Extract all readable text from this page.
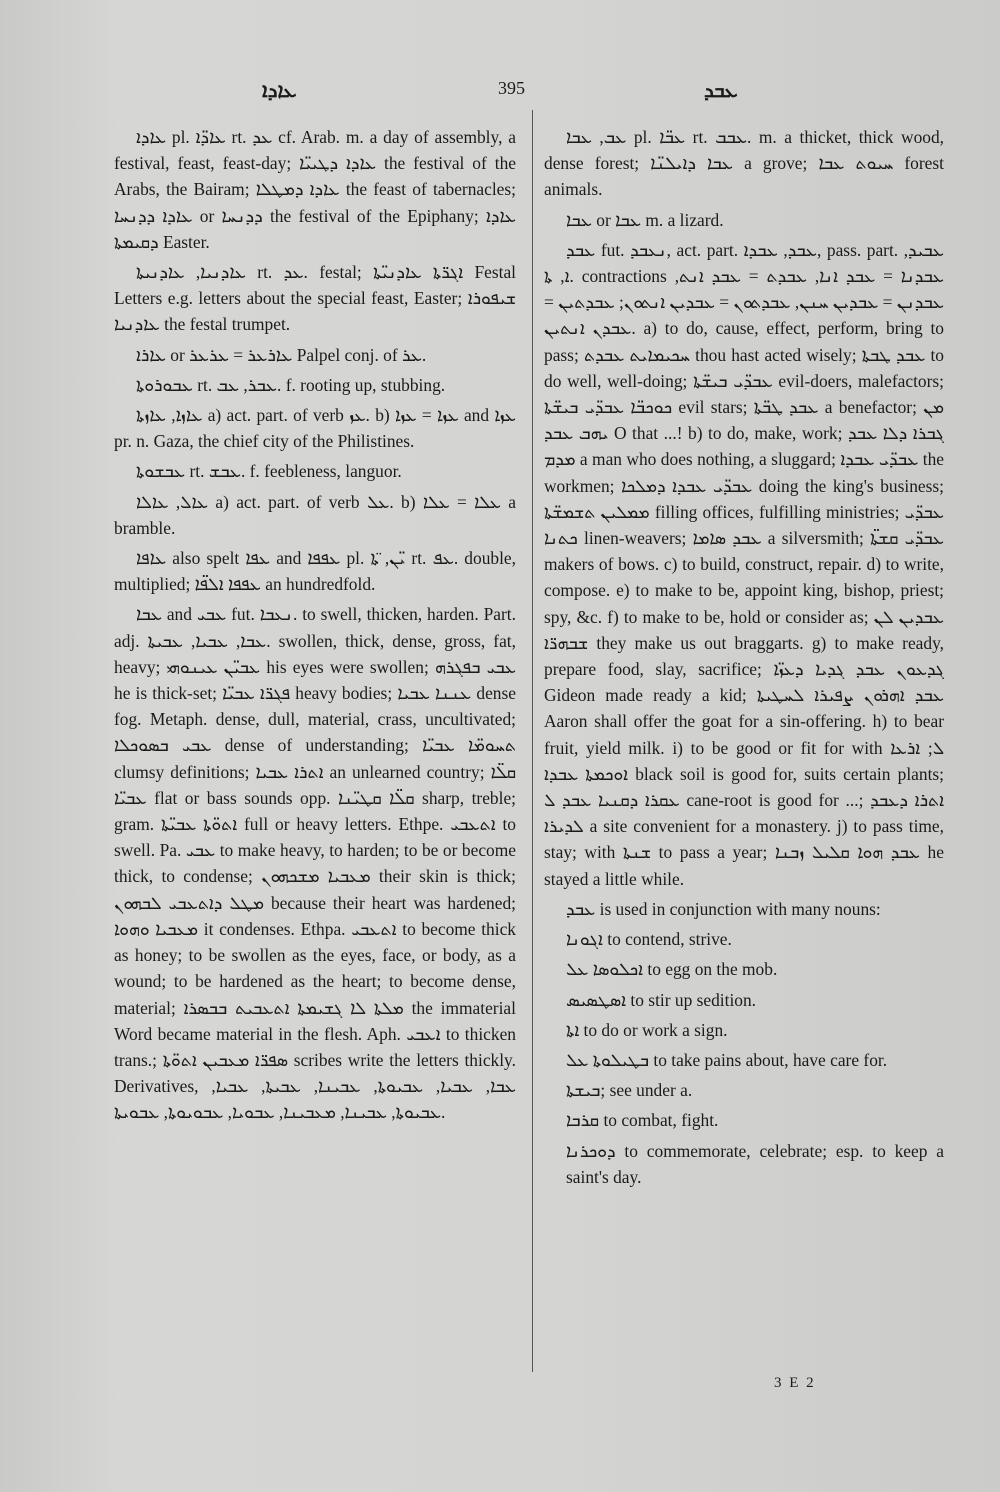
ܥܐܕܐ	395	ܥܒܕ

ܥܐܕܐ pl. ܥܐܕ̈ܐ rt. ܥܕ cf. Arab. m. a day of assembly, a festival, feast, feast-day; ܥܐܕܐ ܕܛܝܝ̈ܐ the festival of the Arabs, the Bairam; ܥܐܕܐ ܕܡܛܠܐ the feast of tabernacles; ܥܐܕܐ ܕܕܢܚܐ or ܕܕܢܚܐ the festival of the Epiphany; ܥܐܕܐ ܕܩܝܡܬܐ Easter.

ܥܐܕܢܝܐ, ܥܐܕܢܝܬܐ rt. ܥܕ. festal; ܐܓܪ̈ܬܐ ܥܐܕܢܝ̈ܬܐ Festal Letters e.g. letters about the special feast, Easter; ܫܝܦܘܪܐ ܥܐܕܢܝܐ the festal trumpet.

ܥܐܪܐ or ܥܐܪܥܪ = ܥܪܥܪ Palpel conj. of ܥܪ.

ܥܒܘܪܘܬܐ rt. ܥܒܪ, ܥܒ. f. rooting up, stubbing.

ܥܐܙܐ, ܥܐܙܬܐ a) act. part. of verb ܥܙ. b) ܥܙܐ = ܥܙܐ and ܥܙܐ pr. n. Gaza, the chief city of the Philistines.

ܥܒܫܘܬܐ rt. ܥܒܫ. f. feebleness, languor.

ܥܐܠ, ܥܐܠܐ a) act. part. of verb ܥܠ. b) ܥܠܐ = ܥܠܐ a bramble.

ܥܐܦܐ also spelt ܥܦܐ and ܥܦܦܐ pl. ܝ̈ܢ, ̈ܬܐ rt. ܥܦ. double, multiplied; ܥܦܦܐ ܐܠܦ̈ܐ an hundredfold.

ܥܒܐ and ܥܒܝ fut. ܢܥܒܐ. to swell, thicken, harden. Part. adj. ܥܒܐ, ܥܒܝܐ, ܥܒܝܬܐ. swollen, thick, dense, gross, fat, heavy; ܥܒܝ̈ܢ ܥܝܢܘܗܝ his eyes were swollen; ܥܒܝ ܒܦܓܪܗ he is thick-set; ܦܓܪ̈ܐ ܥܒܝ̈ܐ heavy bodies; ܥܢܢܐ ܥܒܝܐ dense fog. Metaph. dense, dull, material, crass, uncultivated; ܥܒܝ ܒܣܘܟܠܐ dense of understanding; ܬܚܘܡ̈ܐ ܥܒܝ̈ܐ clumsy definitions; ܐܬܪܐ ܥܒܝܐ an unlearned country; ܩܠ̈ܐ ܥܒܝ̈ܐ flat or bass sounds opp. ܩܠ̈ܐ ܩܛܝ̈ܢܐ sharp, treble; gram. ܐܬܘ̈ܬܐ ܥܒܝ̈ܬܐ full or heavy letters. Ethpe. ܐܬܥܒܝ to swell. Pa. ܥܒܝ to make heavy, to harden; to be or become thick, to condense; ܡܥܒܝܐ ܡܫܟܗܘܢ their skin is thick; ܡܛܠ ܕܐܬܥܒܝ ܠܒܗܘܢ because their heart was hardened; ܡܥܒܝܐ ܘܗܘܐ it condenses. Ethpa. ܐܬܥܒܝ to become thick as honey; to be swollen as the eyes, face, or body, as a wound; to be hardened as the heart; to become dense, material; ܡܠܬܐ ܠܐ ܓܫܝܡܬܐ ܐܬܥܒܝܬ ܒܒܣܪܐ the immaterial Word became material in the flesh. Aph. ܐܥܒܝ to thicken trans.; ܣܦܪ̈ܐ ܡܥܒܝܢ ܐܬܘ̈ܬܐ scribes write the letters thickly. Derivatives, ܥܒܐ, ܥܒܝܐ, ܥܒܝܘܬܐ, ܥܒܝܢܐ, ܥܒܝܬܐ, ܥܒܝܐ, ܥܒܝܘܬܐ, ܥܒܝܢܐ, ܡܥܒܝܢܐ, ܥܒܘܝܐ, ܥܒܘܝܘܬܐ, ܥܒܘܝܬܐ.

ܥܒ, ܥܒܐ pl. ܥܒ̈ܐ rt. ܥܒܒ. m. a thicket, thick wood, dense forest; ܥܒܐ ܕܐܝܠܢ̈ܐ a grove; ܚܝܘܬ ܥܒܐ forest animals.

ܥܒܐ or ܥܒܐ m. a lizard.

ܥܒܕ fut. ܢܥܒܕ, act. part. ܥܒܕ, ܥܒܕܐ, pass. part. ܥܒܝܕ, ܐ, ܬܐ. contractions ܥܒܕܢܐ = ܥܒܕ ܐܢܐ, ܥܒܕܬ = ܥܒܕ ܐܢܬ, ܥܒܕܢܢ = ܥܒܕܝܢ ܚܢܢ, ܥܒܕܬܘܢ = ܥܒܕܝܢ ܐܢܬܘܢ; ܥܒܕܬܝܢ = ܥܒܕܢ ܐܢܬܝܢ. a) to do, cause, effect, perform, bring to pass; ܚܟܝܡܐܝܬ ܥܒܕܬ thou hast acted wisely; ܥܒܕ ܛܒܬܐ to do well, well-doing; ܥܒܕ̈ܝ ܒܝܫ̈ܬܐ evil-doers, malefactors; ܟܘܟܒ̈ܐ ܥܒܕ̈ܝ ܒܝܫ̈ܬܐ evil stars; ܥܒܕ ܛܒ̈ܬܐ a benefactor; ܡܢ ܝܗܒ ܥܒܕ O that ...! b) to do, make, work; ܓܒܪܐ ܕܠܐ ܥܒܕ ܡܕܡ a man who does nothing, a sluggard; ܥܒܕ̈ܝ ܥܒܕܐ the workmen; ܥܒܕ̈ܝ ܥܒܕܐ ܕܡܠܟܐ doing the king's business; ܡܡܠܝܢ ܬܫܡܫ̈ܬܐ filling offices, fulfilling ministries; ܥܒܕ̈ܝ ܟܬܢܐ linen-weavers; ܥܒܕ ܣܐܡܐ a silversmith; ܥܒܕ̈ܝ ܩܫܬ̈ܐ makers of bows. c) to build, construct, repair. d) to write, compose. e) to make to be, appoint king, bishop, priest; spy, &c. f) to make to be, hold or consider as; ܥܒܕܝܢ ܠܢ ܫܒܗܪ̈ܐ they make us out braggarts. g) to make ready, prepare food, slay, sacrifice; ܓܕܥܘܢ ܥܒܕ ܓܕܝܐ ܕܥܙ̈ܐ Gideon made ready a kid; ܥܒܕ ܐܗܪܘܢ ܨܦܝܪܐ ܠܚܛܝܬܐ Aaron shall offer the goat for a sin-offering. h) to bear fruit, yield milk. i) to be good or fit for with ܠ; ܐܪܥܐ ܐܘܟܡܬܐ ܥܒܕܐ black soil is good for, suits certain plants; ܥܩܪܐ ܕܩܢܝܐ ܥܒܕ ܠ cane-root is good for ...; ܐܬܪܐ ܕܥܒܕ ܠܕܝܪܐ a site convenient for a monastery. j) to pass time, stay; with ܫܢܬܐ to pass a year; ܥܒܕ ܗܘܐ ܩܠܝܠ ܙܒܢܐ he stayed a little while.

ܥܒܕ is used in conjunction with many nouns:

ܐܓܘܢܐ to contend, strive.

ܐܟܠܘܣܐ ܥܠ to egg on the mob.

ܐܣܛܣܝܣ to stir up sedition.

ܐܬܐ to do or work a sign.

ܒܛܝܠܘܬܐ ܥܠ to take pains about, have care for.

ܒܝܫܬܐ; see under a.

ܩܪܒܐ to combat, fight.

ܕܘܟܪܢܐ to commemorate, celebrate; esp. to keep a saint's day.

3 E 2
